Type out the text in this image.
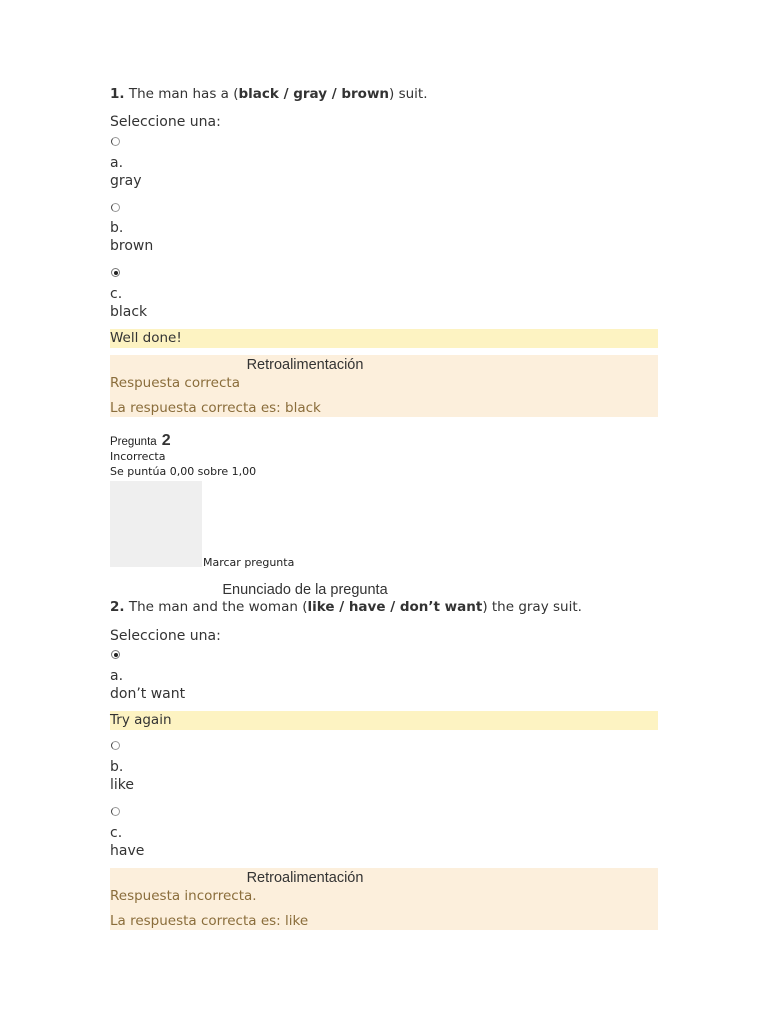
1. The man has a (black / gray / brown) suit.
Seleccione una:
a.
gray
b.
brown
c.
black
Well done!
Retroalimentación
Respuesta correcta
La respuesta correcta es: black
Pregunta 2
Incorrecta
Se puntúa 0,00 sobre 1,00
Marcar pregunta
Enunciado de la pregunta
2. The man and the woman (like / have / don’t want) the gray suit.
Seleccione una:
a.
don’t want
Try again
b.
like
c.
have
Retroalimentación
Respuesta incorrecta.
La respuesta correcta es: like
